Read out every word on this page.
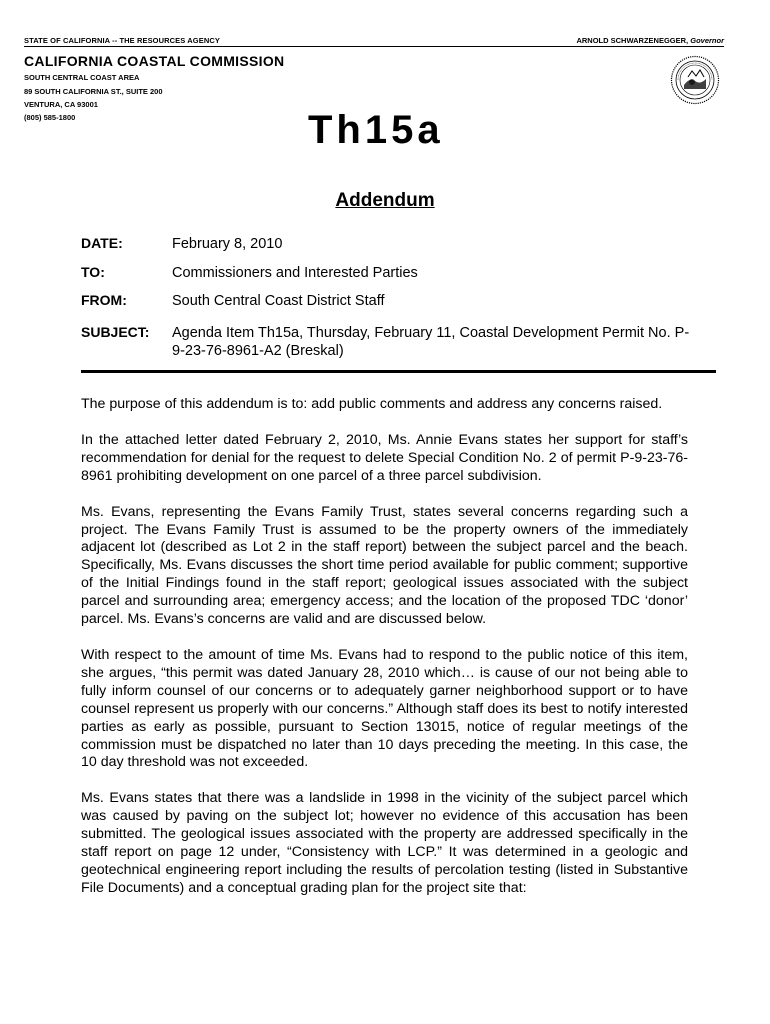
STATE OF CALIFORNIA -- THE RESOURCES AGENCY	ARNOLD SCHWARZENEGGER, Governor
CALIFORNIA COASTAL COMMISSION
SOUTH CENTRAL COAST AREA
89 SOUTH CALIFORNIA ST., SUITE 200
VENTURA, CA 93001
(805) 585-1800	Th15a
Addendum
DATE:	February 8, 2010
TO:	Commissioners and Interested Parties
FROM:	South Central Coast District Staff
SUBJECT: Agenda Item Th15a, Thursday, February 11, Coastal Development Permit No. P-9-23-76-8961-A2 (Breskal)

The purpose of this addendum is to: add public comments and address any concerns raised.

In the attached letter dated February 2, 2010, Ms. Annie Evans states her support for staff’s recommendation for denial for the request to delete Special Condition No. 2 of permit P-9-23-76-8961 prohibiting development on one parcel of a three parcel subdivision.

Ms. Evans, representing the Evans Family Trust, states several concerns regarding such a project. The Evans Family Trust is assumed to be the property owners of the immediately adjacent lot (described as Lot 2 in the staff report) between the subject parcel and the beach. Specifically, Ms. Evans discusses the short time period available for public comment; supportive of the Initial Findings found in the staff report; geological issues associated with the subject parcel and surrounding area; emergency access; and the location of the proposed TDC ‘donor’ parcel. Ms. Evans’s concerns are valid and are discussed below.

With respect to the amount of time Ms. Evans had to respond to the public notice of this item, she argues, “this permit was dated January 28, 2010 which… is cause of our not being able to fully inform counsel of our concerns or to adequately garner neighborhood support or to have counsel represent us properly with our concerns.” Although staff does its best to notify interested parties as early as possible, pursuant to Section 13015, notice of regular meetings of the commission must be dispatched no later than 10 days preceding the meeting. In this case, the 10 day threshold was not exceeded.

Ms. Evans states that there was a landslide in 1998 in the vicinity of the subject parcel which was caused by paving on the subject lot; however no evidence of this accusation has been submitted. The geological issues associated with the property are addressed specifically in the staff report on page 12 under, “Consistency with LCP.” It was determined in a geologic and geotechnical engineering report including the results of percolation testing (listed in Substantive File Documents) and a conceptual grading plan for the project site that:
